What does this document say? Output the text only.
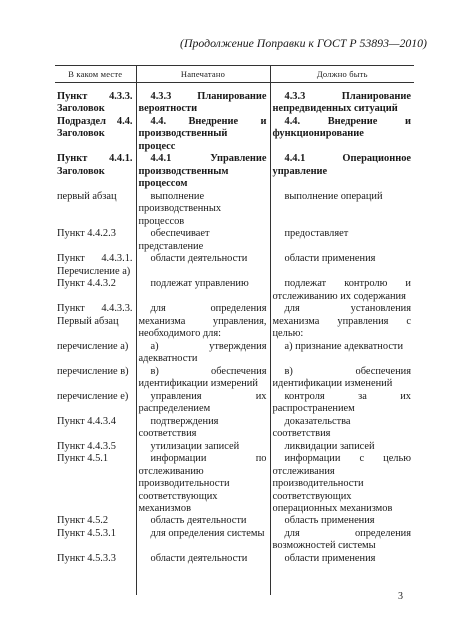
(Продолжение Поправки к ГОСТ Р 53893—2010)
В каком месте	Напечатано	Должно быть
Пункт 4.3.3. Заголовок	4.3.3 Планирование вероятности	4.3.3 Планирование непредвиденных ситуаций

Подраздел 4.4. Заголовок	4.4. Внедрение и производственный процесс	4.4. Внедрение и функционирование

Пункт 4.4.1. Заголовок	4.4.1 Управление производственным процессом	4.4.1 Операционное управление

первый абзац	выполнение производственных процессов	выполнение операций

Пункт 4.4.2.3	обеспечивает представление	предоставляет

Пункт 4.4.3.1. Перечисление а)	области деятельности	области применения

Пункт 4.4.3.2	подлежат управлению	подлежат контролю и отслеживанию их содержания

Пункт 4.4.3.3. Первый абзац	для определения механизма управления, необходимого для:	для установления механизма управления с целью:

перечисление а)	а) утверждения адекватности	а) признание адекватности

перечисление в)	в) обеспечения идентификации измерений	в) обеспечения идентификации изменений

перечисление е)	управления их распределением	контроля за их распространением

Пункт 4.4.3.4	подтверждения соответствия	доказательства соответствия

Пункт 4.4.3.5	утилизации записей	ликвидации записей

Пункт 4.5.1	информации по отслеживанию производительности соответствующих механизмов	информации с целью отслеживания производительности соответствующих операционных механизмов

Пункт 4.5.2	область деятельности	область применения

Пункт 4.5.3.1	для определения системы	для определения возможностей системы

Пункт 4.5.3.3	области деятельности	области применения
3
